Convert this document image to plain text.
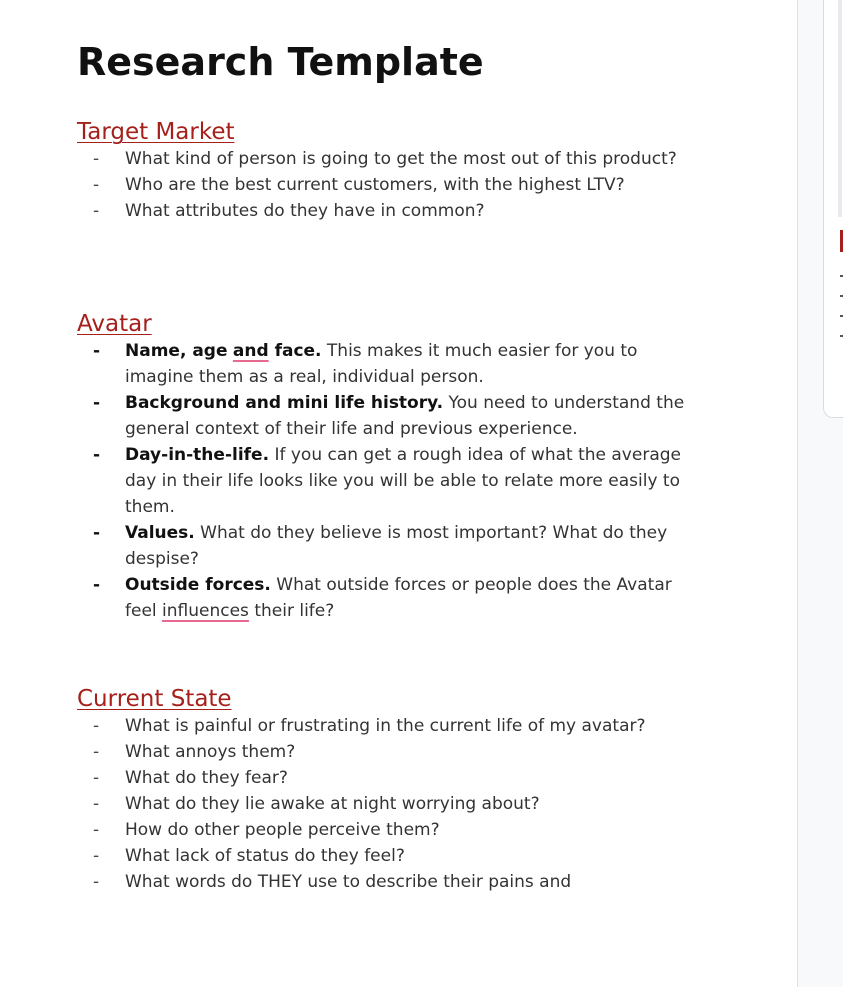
Research Template
Target Market
-	What kind of person is going to get the most out of this product?
-	Who are the best current customers, with the highest LTV?
-	What attributes do they have in common?
Avatar
-	Name, age and face. This makes it much easier for you to imagine them as a real, individual person.
-	Background and mini life history. You need to understand the general context of their life and previous experience.
-	Day-in-the-life. If you can get a rough idea of what the average day in their life looks like you will be able to relate more easily to them.
-	Values. What do they believe is most important? What do they despise?
-	Outside forces. What outside forces or people does the Avatar feel influences their life?
Current State
-	What is painful or frustrating in the current life of my avatar?
-	What annoys them?
-	What do they fear?
-	What do they lie awake at night worrying about?
-	How do other people perceive them?
-	What lack of status do they feel?
-	What words do THEY use to describe their pains and
